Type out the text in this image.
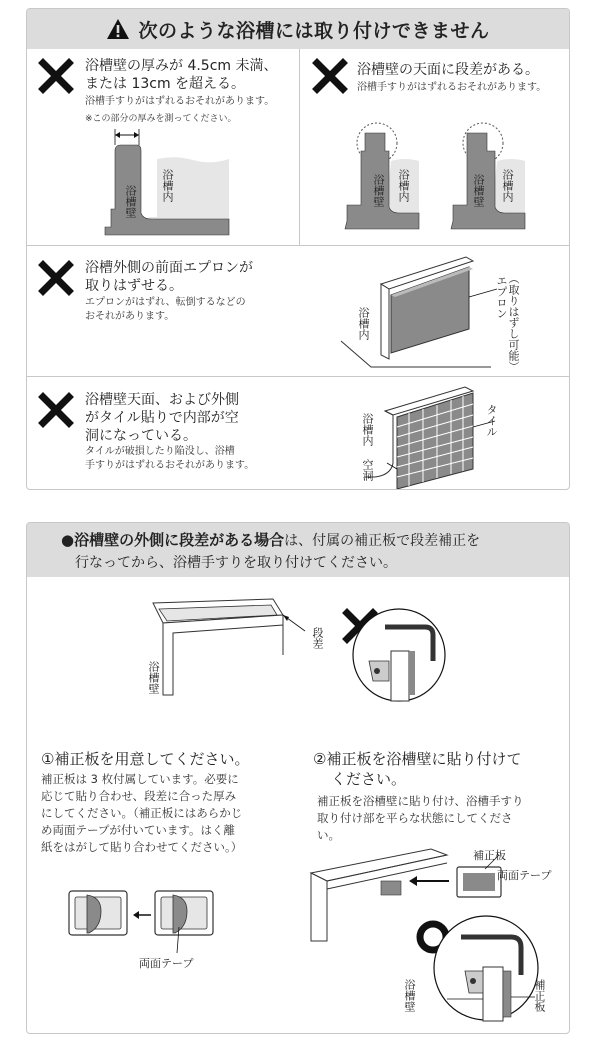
次のような浴槽には取り付けできません
浴槽壁の厚みが 4.5cm 未満、
または 13cm を超える。
浴槽手すりがはずれるおそれがあります。
※この部分の厚みを測ってください。
浴槽壁 浴槽内
浴槽壁の天面に段差がある。
浴槽手すりがはずれるおそれがあります。
浴槽壁 浴槽内	浴槽壁 浴槽内
浴槽外側の前面エプロンが
取りはずせる。
エプロンがはずれ、転倒するなどの
おそれがあります。	浴槽内
エプロン （取りはずし可能）
浴槽壁天面、および外側
がタイル貼りで内部が空
洞になっている。
タイルが破損したり陥没し、浴槽
手すりがはずれるおそれがあります。
浴槽内	タイル
空洞
●浴槽壁の外側に段差がある場合は、付属の補正板で段差補正を
行なってから、浴槽手すりを取り付けてください。
段差
浴槽壁
①補正板を用意してください。
補正板は 3 枚付属しています。必要に
応じて貼り合わせ、段差に合った厚み
にしてください。（補正板にはあらかじ
め両面テープが付いています。はく離
紙をはがして貼り合わせてください。）
両面テープ
②補正板を浴槽壁に貼り付けて
ください。
補正板を浴槽壁に貼り付け、浴槽手すり
取り付け部を平らな状態にしてくださ
い。
補正板
両面テープ
浴槽壁	補正板
